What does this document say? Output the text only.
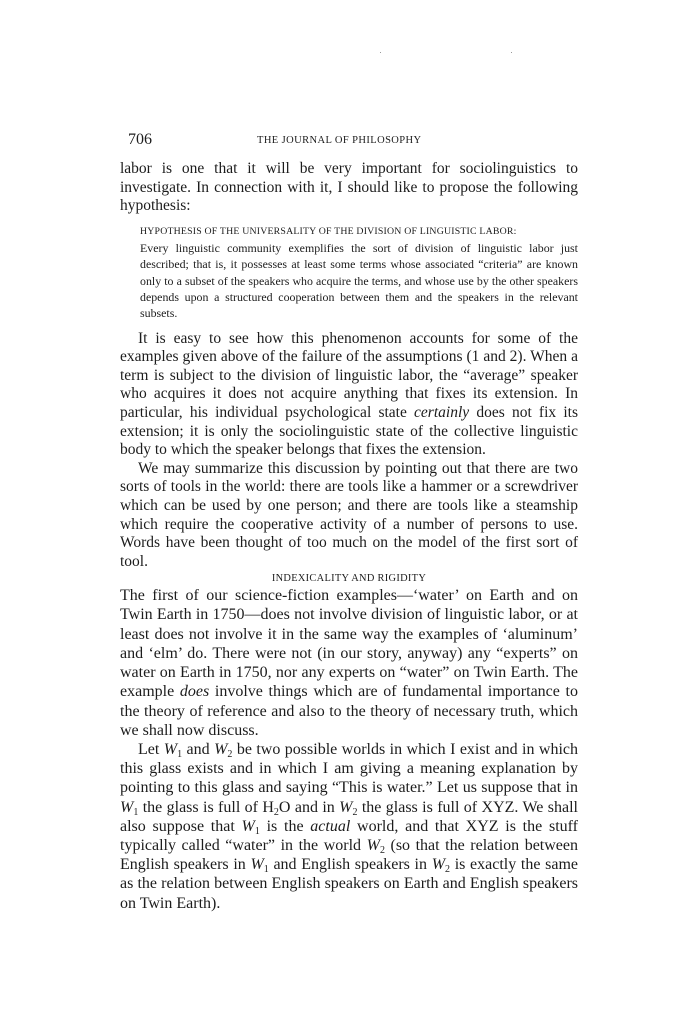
706	THE JOURNAL OF PHILOSOPHY

labor is one that it will be very important for sociolinguistics to investigate. In connection with it, I should like to propose the following hypothesis:

HYPOTHESIS OF THE UNIVERSALITY OF THE DIVISION OF LINGUISTIC LABOR:
Every linguistic community exemplifies the sort of division of linguistic labor just described; that is, it possesses at least some terms whose associated “criteria” are known only to a subset of the speakers who acquire the terms, and whose use by the other speakers depends upon a structured cooperation between them and the speakers in the relevant subsets.

It is easy to see how this phenomenon accounts for some of the examples given above of the failure of the assumptions (1 and 2). When a term is subject to the division of linguistic labor, the “average” speaker who acquires it does not acquire anything that fixes its extension. In particular, his individual psychological state certainly does not fix its extension; it is only the sociolinguistic state of the collective linguistic body to which the speaker belongs that fixes the extension.

We may summarize this discussion by pointing out that there are two sorts of tools in the world: there are tools like a hammer or a screwdriver which can be used by one person; and there are tools like a steamship which require the cooperative activity of a number of persons to use. Words have been thought of too much on the model of the first sort of tool.

INDEXICALITY AND RIGIDITY

The first of our science-fiction examples—‘water’ on Earth and on Twin Earth in 1750—does not involve division of linguistic labor, or at least does not involve it in the same way the examples of ‘aluminum’ and ‘elm’ do. There were not (in our story, anyway) any “experts” on water on Earth in 1750, nor any experts on “water” on Twin Earth. The example does involve things which are of fundamental importance to the theory of reference and also to the theory of necessary truth, which we shall now discuss.

Let $W_1$ and $W_2$ be two possible worlds in which I exist and in which this glass exists and in which I am giving a meaning explanation by pointing to this glass and saying “This is water.” Let us suppose that in $W_1$ the glass is full of $H_2O$ and in $W_2$ the glass is full of XYZ. We shall also suppose that $W_1$ is the actual world, and that XYZ is the stuff typically called “water” in the world $W_2$ (so that the relation between English speakers in $W_1$ and English speakers in $W_2$ is exactly the same as the relation between English speakers on Earth and English speakers on Twin Earth).
